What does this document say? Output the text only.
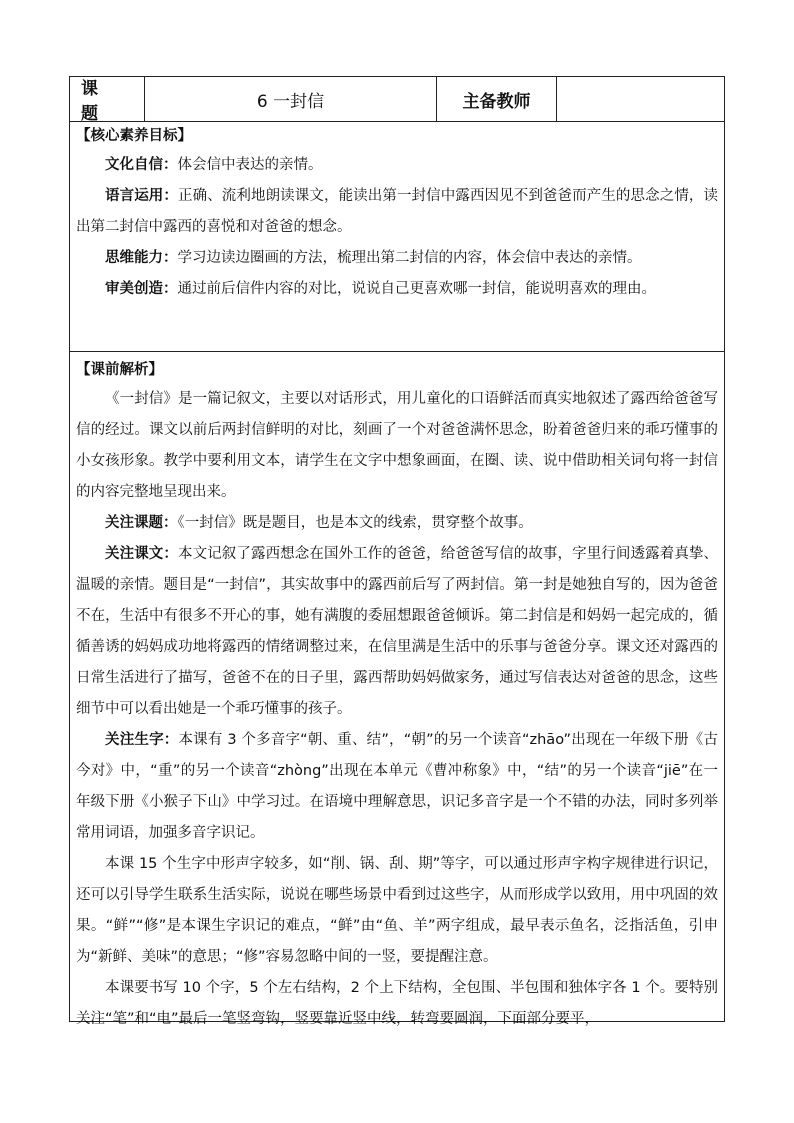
课　题
6 一封信	主备教师
【核心素养目标】

文化自信：体会信中表达的亲情。

语言运用：正确、流利地朗读课文，能读出第一封信中露西因见不到爸爸而产生的思念之情，读出第二封信中露西的喜悦和对爸爸的想念。

思维能力：学习边读边圈画的方法，梳理出第二封信的内容，体会信中表达的亲情。

审美创造：通过前后信件内容的对比，说说自己更喜欢哪一封信，能说明喜欢的理由。

【课前解析】

《一封信》是一篇记叙文，主要以对话形式，用儿童化的口语鲜活而真实地叙述了露西给爸爸写信的经过。课文以前后两封信鲜明的对比，刻画了一个对爸爸满怀思念，盼着爸爸归来的乖巧懂事的小女孩形象。教学中要利用文本，请学生在文字中想象画面，在圈、读、说中借助相关词句将一封信的内容完整地呈现出来。

关注课题：《一封信》既是题目，也是本文的线索，贯穿整个故事。

关注课文：本文记叙了露西想念在国外工作的爸爸，给爸爸写信的故事，字里行间透露着真挚、温暖的亲情。题目是“一封信”，其实故事中的露西前后写了两封信。第一封是她独自写的，因为爸爸不在，生活中有很多不开心的事，她有满腹的委屈想跟爸爸倾诉。第二封信是和妈妈一起完成的，循循善诱的妈妈成功地将露西的情绪调整过来，在信里满是生活中的乐事与爸爸分享。课文还对露西的日常生活进行了描写，爸爸不在的日子里，露西帮助妈妈做家务，通过写信表达对爸爸的思念，这些细节中可以看出她是一个乖巧懂事的孩子。

关注生字：本课有 3 个多音字“朝、重、结”，“朝”的另一个读音“zhāo”出现在一年级下册《古今对》中，“重”的另一个读音“zhòng”出现在本单元《曹冲称象》中，“结”的另一个读音“jiē”在一年级下册《小猴子下山》中学习过。在语境中理解意思，识记多音字是一个不错的办法，同时多列举常用词语，加强多音字识记。

本课 15 个生字中形声字较多，如“削、锅、刮、期”等字，可以通过形声字构字规律进行识记，还可以引导学生联系生活实际，说说在哪些场景中看到过这些字，从而形成学以致用，用中巩固的效果。“鲜”“修”是本课生字识记的难点，“鲜”由“鱼、羊”两字组成，最早表示鱼名，泛指活鱼，引申为“新鲜、美味”的意思；“修”容易忽略中间的一竖，要提醒注意。

本课要书写 10 个字，5 个左右结构，2 个上下结构，全包围、半包围和独体字各 1 个。要特别关注“笔”和“电”最后一笔竖弯钩，竖要靠近竖中线，转弯要圆润，下面部分要平，
